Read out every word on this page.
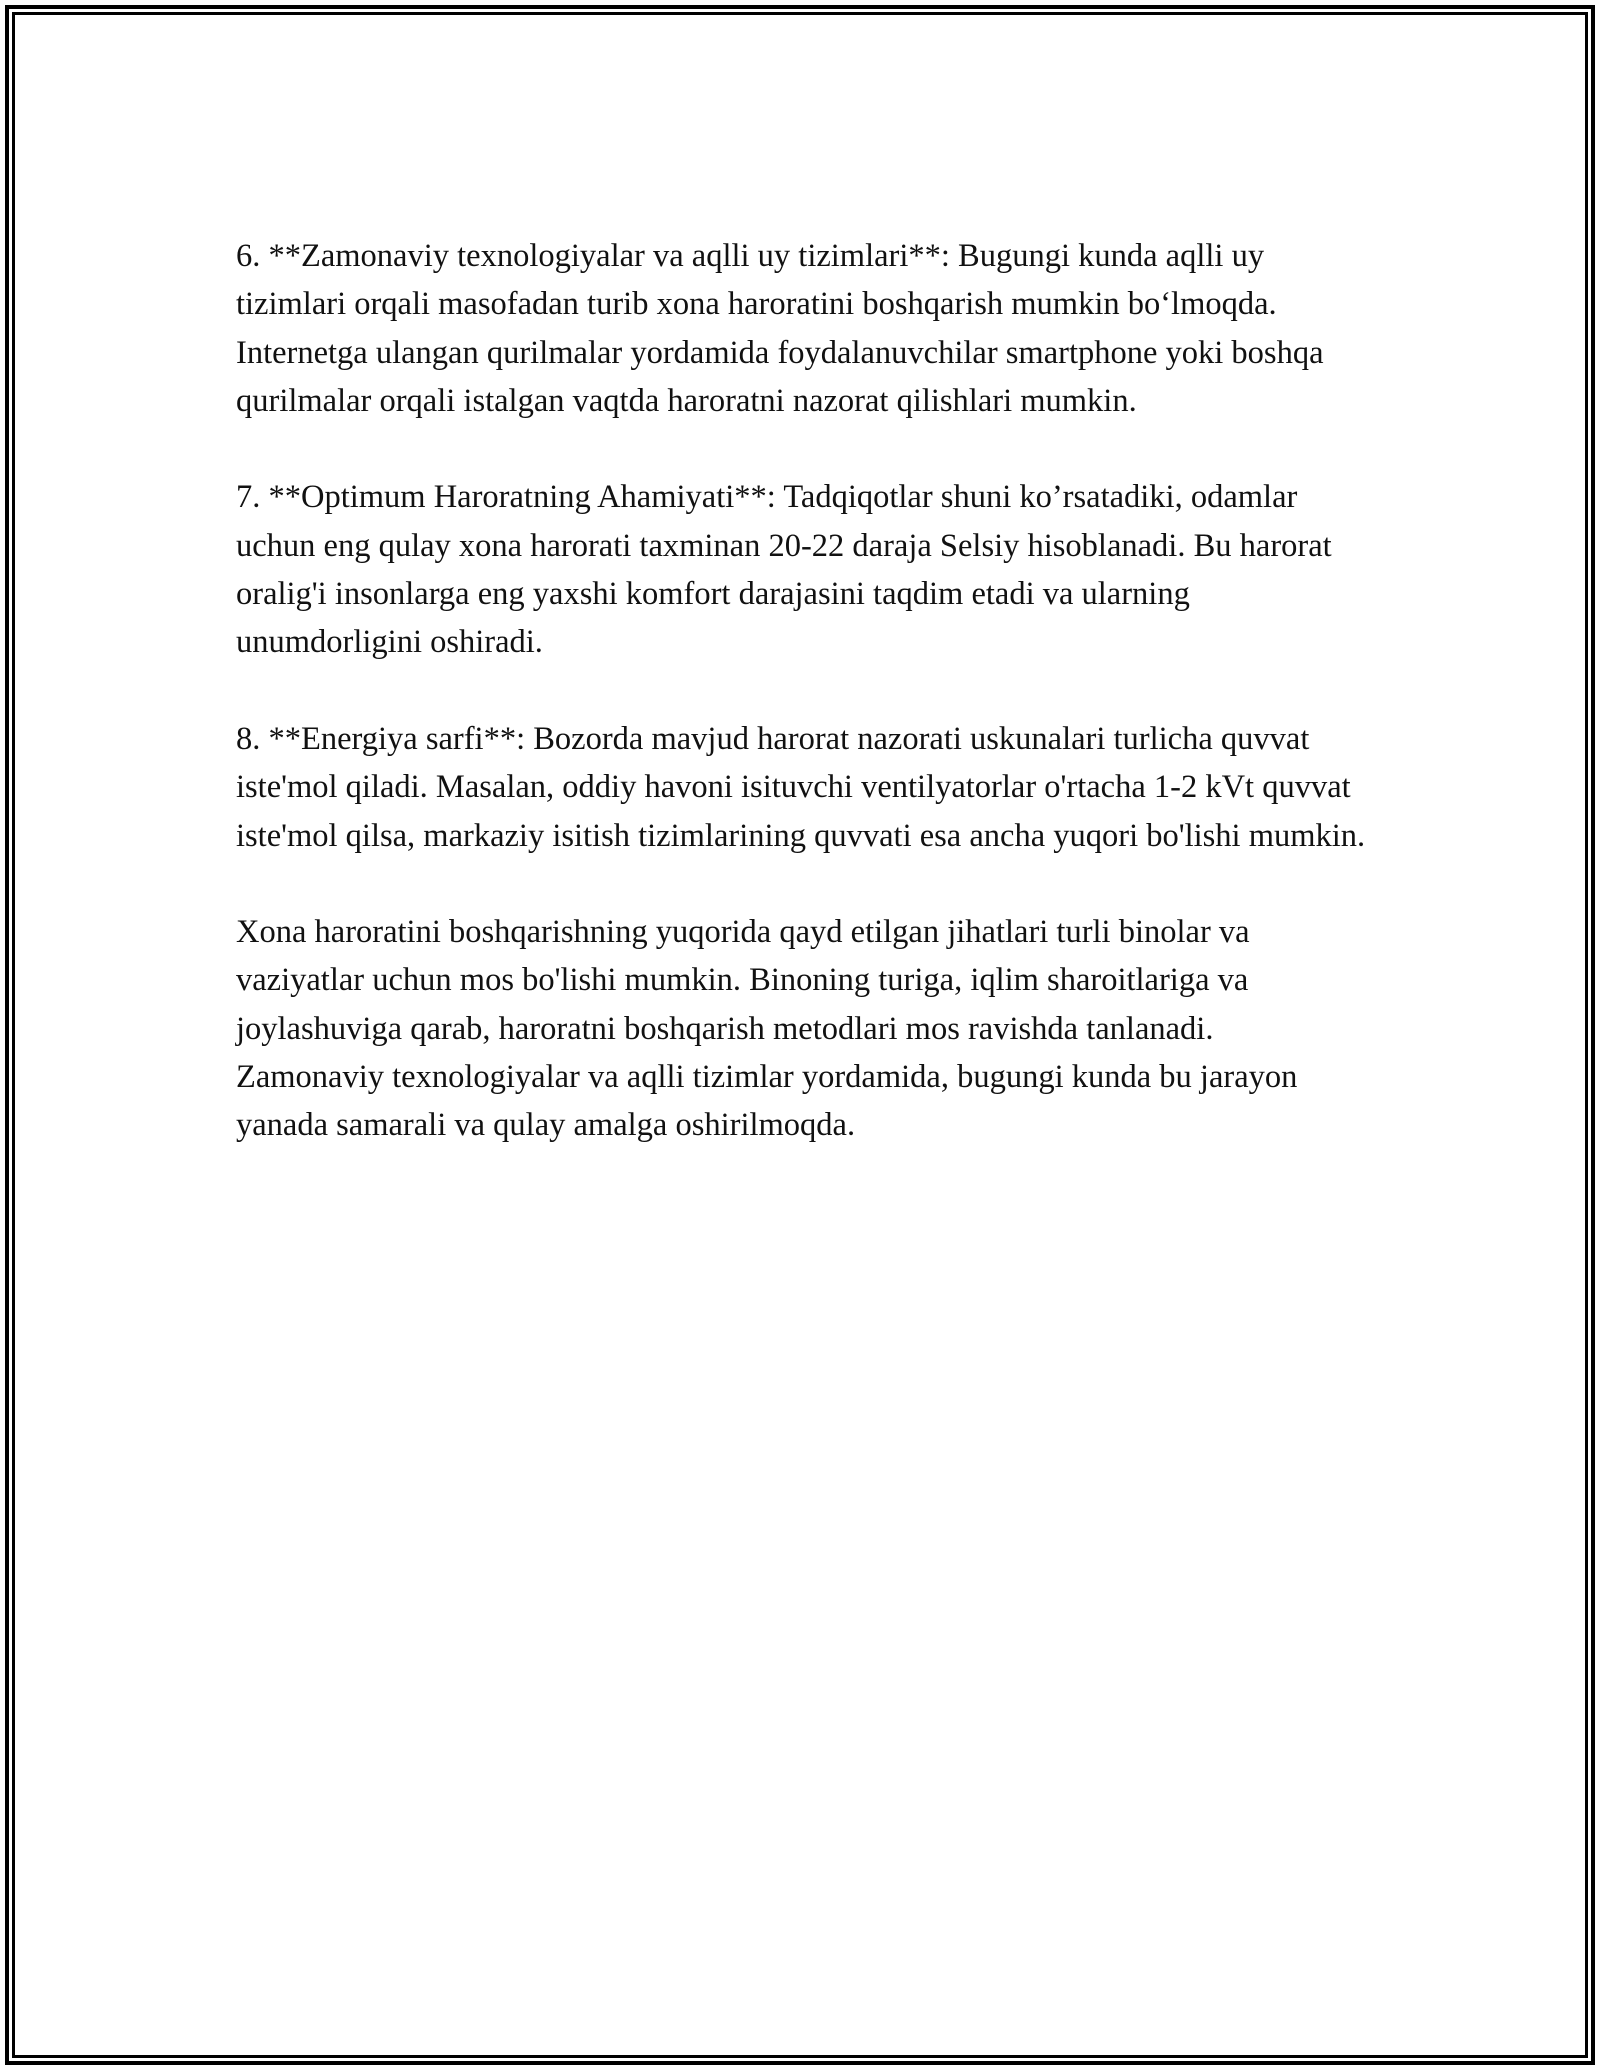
6. **Zamonaviy texnologiyalar va aqlli uy tizimlari**: Bugungi kunda aqlli uy tizimlari orqali masofadan turib xona haroratini boshqarish mumkin bo‘lmoqda. Internetga ulangan qurilmalar yordamida foydalanuvchilar smartphone yoki boshqa qurilmalar orqali istalgan vaqtda haroratni nazorat qilishlari mumkin.

7. **Optimum Haroratning Ahamiyati**: Tadqiqotlar shuni ko’rsatadiki, odamlar uchun eng qulay xona harorati taxminan 20-22 daraja Selsiy hisoblanadi. Bu harorat oralig'i insonlarga eng yaxshi komfort darajasini taqdim etadi va ularning unumdorligini oshiradi.

8. **Energiya sarfi**: Bozorda mavjud harorat nazorati uskunalari turlicha quvvat iste'mol qiladi. Masalan, oddiy havoni isituvchi ventilyatorlar o'rtacha 1-2 kVt quvvat iste'mol qilsa, markaziy isitish tizimlarining quvvati esa ancha yuqori bo'lishi mumkin.

Xona haroratini boshqarishning yuqorida qayd etilgan jihatlari turli binolar va vaziyatlar uchun mos bo'lishi mumkin. Binoning turiga, iqlim sharoitlariga va joylashuviga qarab, haroratni boshqarish metodlari mos ravishda tanlanadi. Zamonaviy texnologiyalar va aqlli tizimlar yordamida, bugungi kunda bu jarayon yanada samarali va qulay amalga oshirilmoqda.
